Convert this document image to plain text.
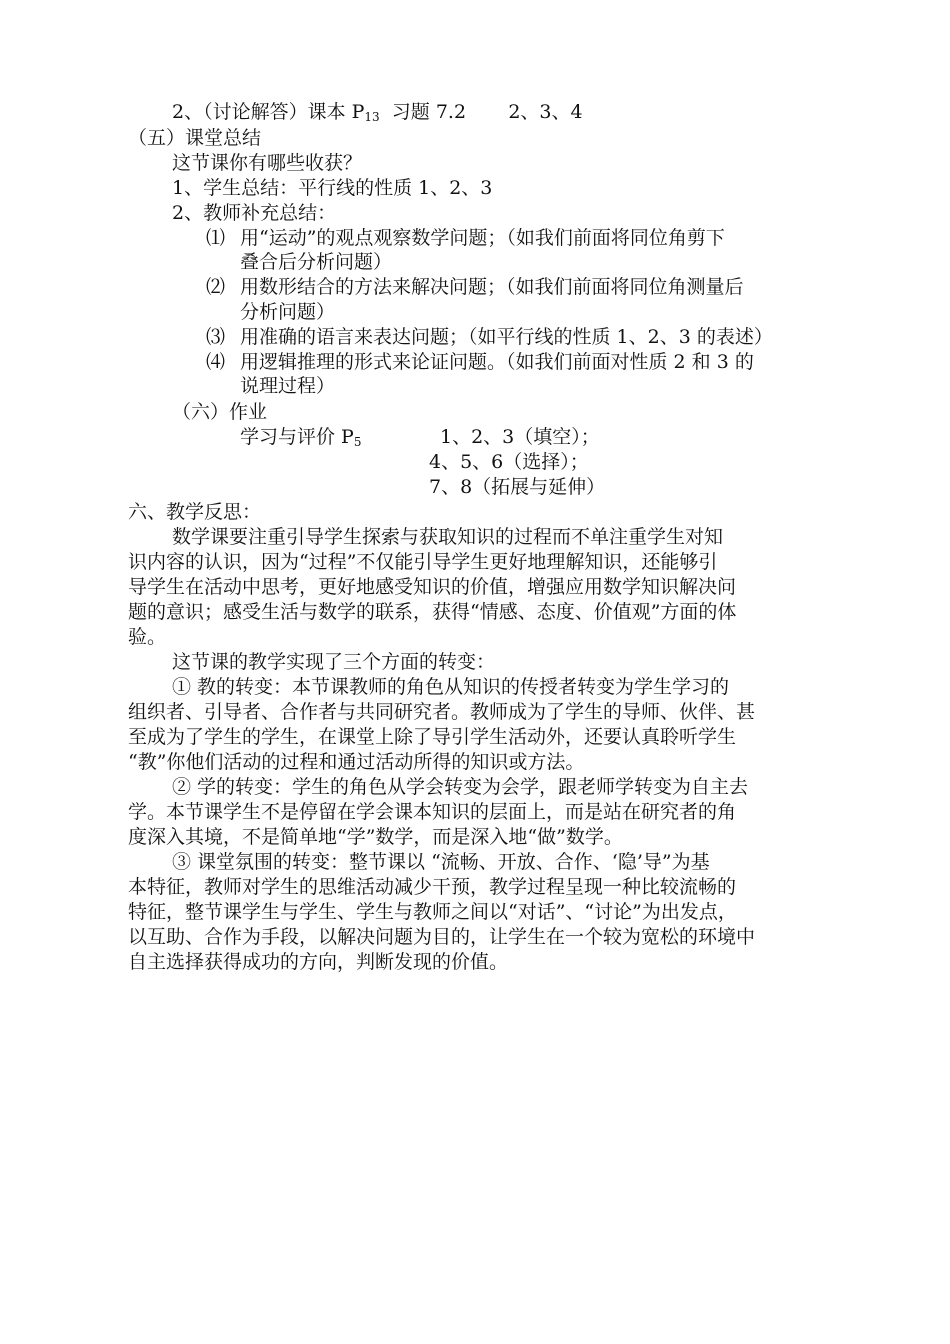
2、（讨论解答）课本 $P_{13}$  习题 7.2       2、3、4
（五）课堂总结
这节课你有哪些收获？
1、学生总结：平行线的性质 1、2、3
2、教师补充总结：
⑴ 用“运动”的观点观察数学问题；（如我们前面将同位角剪下
叠合后分析问题）
⑵ 用数形结合的方法来解决问题；（如我们前面将同位角测量后
分析问题）
⑶ 用准确的语言来表达问题；（如平行线的性质 1、2、3 的表述）
⑷ 用逻辑推理的形式来论证问题。（如我们前面对性质 2 和 3 的
说理过程）
（六）作业
学习与评价 $P_5$	1、2、3（填空）；
4、5、6（选择）；
7、8（拓展与延伸）
六、教学反思：
数学课要注重引导学生探索与获取知识的过程而不单注重学生对知
识内容的认识，因为“过程”不仅能引导学生更好地理解知识，还能够引
导学生在活动中思考，更好地感受知识的价值，增强应用数学知识解决问
题的意识；感受生活与数学的联系，获得“情感、态度、价值观”方面的体
验。
这节课的教学实现了三个方面的转变：
① 教的转变：本节课教师的角色从知识的传授者转变为学生学习的
组织者、引导者、合作者与共同研究者。教师成为了学生的导师、伙伴、甚
至成为了学生的学生，在课堂上除了导引学生活动外，还要认真聆听学生
“教”你他们活动的过程和通过活动所得的知识或方法。
② 学的转变：学生的角色从学会转变为会学，跟老师学转变为自主去
学。本节课学生不是停留在学会课本知识的层面上，而是站在研究者的角
度深入其境，不是简单地“学”数学，而是深入地“做”数学。
③ 课堂氛围的转变：整节课以 “流畅、开放、合作、‘隐’导”为基
本特征，教师对学生的思维活动减少干预，教学过程呈现一种比较流畅的
特征，整节课学生与学生、学生与教师之间以“对话”、“讨论”为出发点，
以互助、合作为手段，以解决问题为目的，让学生在一个较为宽松的环境中
自主选择获得成功的方向，判断发现的价值。
